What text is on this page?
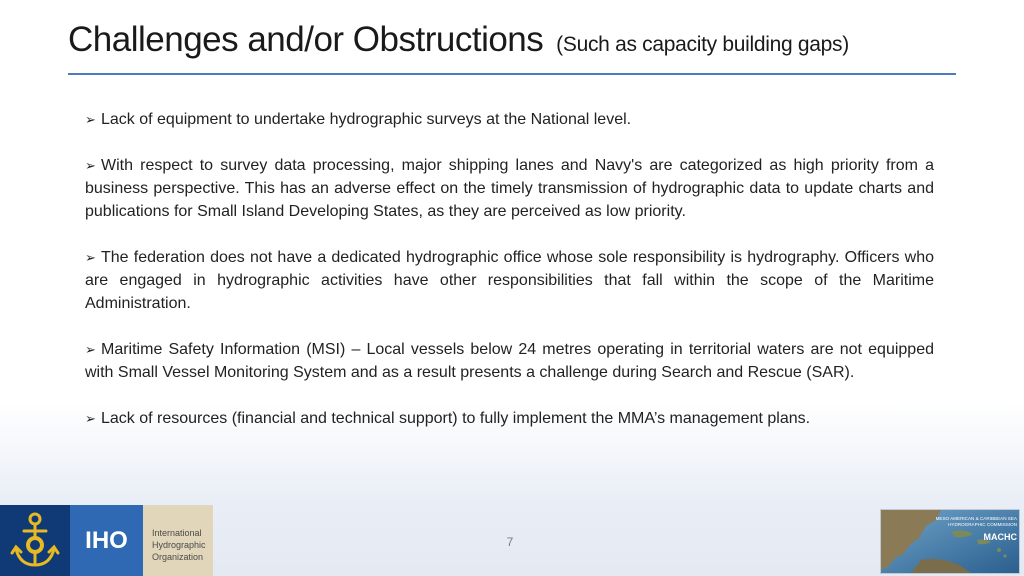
Challenges and/or Obstructions (Such as capacity building gaps)

➢ Lack of equipment to undertake hydrographic surveys at the National level.

➢ With respect to survey data processing, major shipping lanes and Navy's are categorized as high priority from a business perspective. This has an adverse effect on the timely transmission of hydrographic data to update charts and publications for Small Island Developing States, as they are perceived as low priority.

➢ The federation does not have a dedicated hydrographic office whose sole responsibility is hydrography. Officers who are engaged in hydrographic activities have other responsibilities that fall within the scope of the Maritime Administration.

➢ Maritime Safety Information (MSI) – Local vessels below 24 metres operating in territorial waters are not equipped with Small Vessel Monitoring System and as a result presents a challenge during Search and Rescue (SAR).

➢ Lack of resources (financial and technical support) to fully implement the MMA’s management plans.

IHO	International
Hydrographic
Organization
7
MESO AMERICAN & CARIBBEAN SEA
HYDROGRAPHIC COMMISSION
MACHC
